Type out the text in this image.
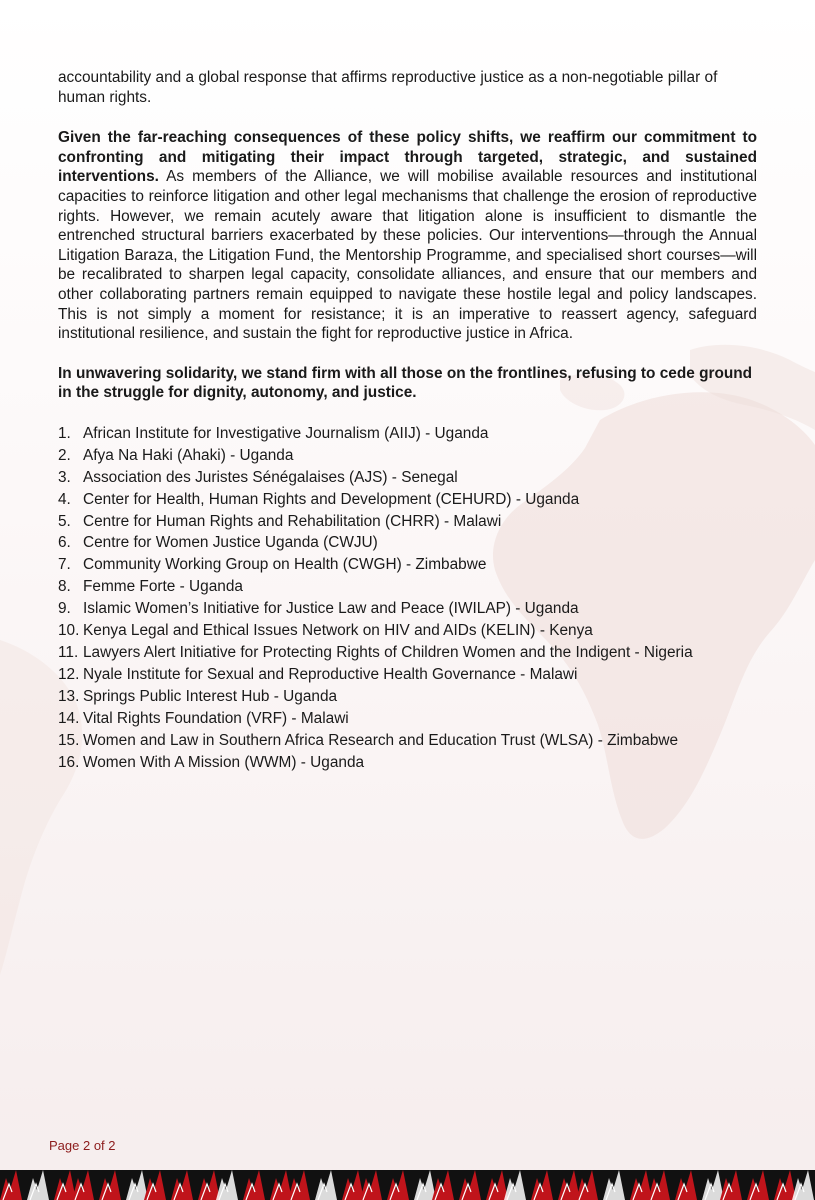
accountability and a global response that affirms reproductive justice as a non-negotiable pillar of human rights.

Given the far-reaching consequences of these policy shifts, we reaffirm our commitment to confronting and mitigating their impact through targeted, strategic, and sustained interventions. As members of the Alliance, we will mobilise available resources and institutional capacities to reinforce litigation and other legal mechanisms that challenge the erosion of reproductive rights. However, we remain acutely aware that litigation alone is insufficient to dismantle the entrenched structural barriers exacerbated by these policies. Our interventions—through the Annual Litigation Baraza, the Litigation Fund, the Mentorship Programme, and specialised short courses—will be recalibrated to sharpen legal capacity, consolidate alliances, and ensure that our members and other collaborating partners remain equipped to navigate these hostile legal and policy landscapes. This is not simply a moment for resistance; it is an imperative to reassert agency, safeguard institutional resilience, and sustain the fight for reproductive justice in Africa.

In unwavering solidarity, we stand firm with all those on the frontlines, refusing to cede ground in the struggle for dignity, autonomy, and justice.

1. African Institute for Investigative Journalism (AIIJ) - Uganda
2. Afya Na Haki (Ahaki) - Uganda
3. Association des Juristes Sénégalaises (AJS) - Senegal
4. Center for Health, Human Rights and Development (CEHURD) - Uganda
5. Centre for Human Rights and Rehabilitation (CHRR) - Malawi
6. Centre for Women Justice Uganda (CWJU)
7. Community Working Group on Health (CWGH) - Zimbabwe
8. Femme Forte - Uganda
9. Islamic Women’s Initiative for Justice Law and Peace (IWILAP) - Uganda
10. Kenya Legal and Ethical Issues Network on HIV and AIDs (KELIN) - Kenya
11. Lawyers Alert Initiative for Protecting Rights of Children Women and the Indigent - Nigeria
12. Nyale Institute for Sexual and Reproductive Health Governance - Malawi
13. Springs Public Interest Hub - Uganda
14. Vital Rights Foundation (VRF) - Malawi
15. Women and Law in Southern Africa Research and Education Trust (WLSA) - Zimbabwe
16. Women With A Mission (WWM) - Uganda
Page 2 of 2
